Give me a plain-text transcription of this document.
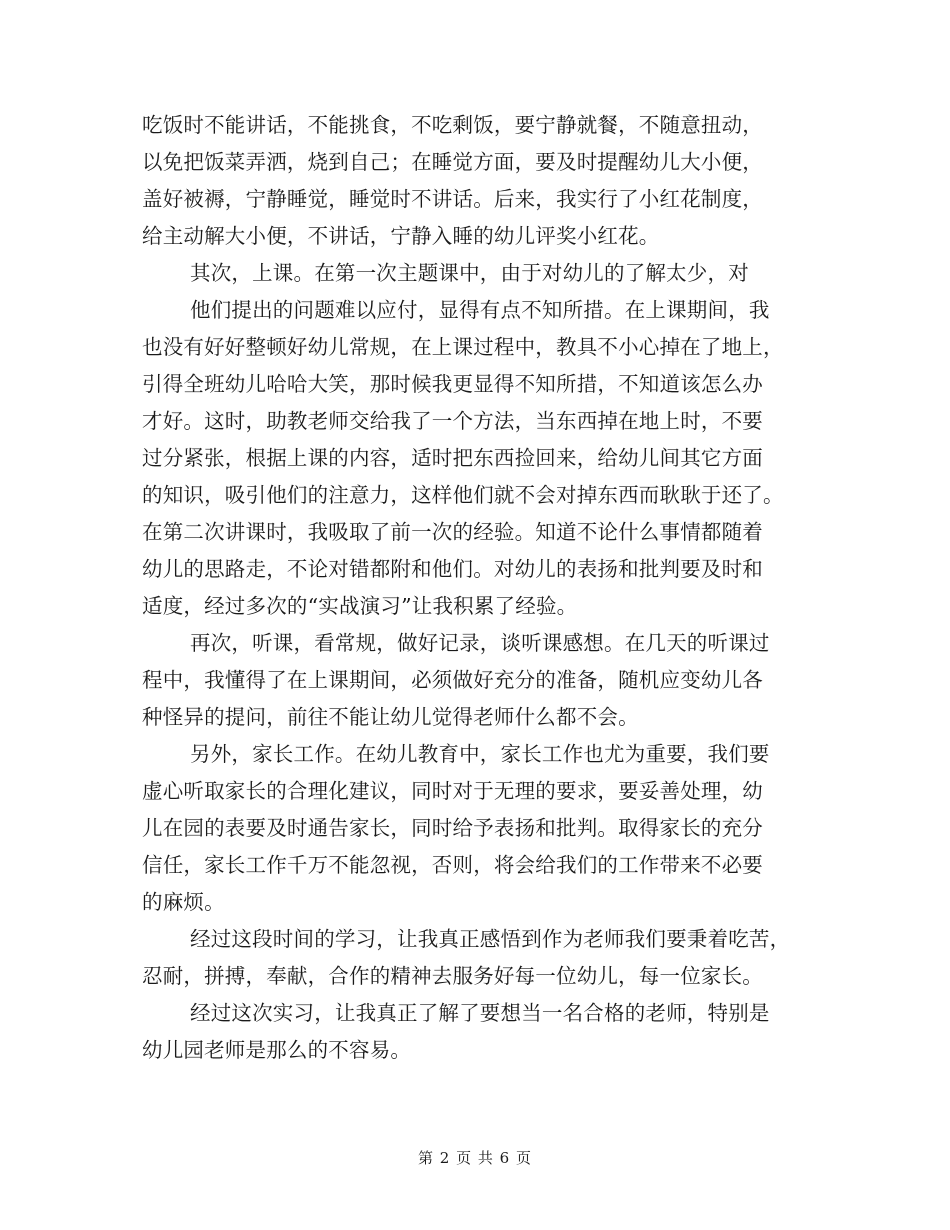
吃饭时不能讲话，不能挑食，不吃剩饭，要宁静就餐，不随意扭动，
以免把饭菜弄洒，烧到自己；在睡觉方面，要及时提醒幼儿大小便，
盖好被褥，宁静睡觉，睡觉时不讲话。后来，我实行了小红花制度，
给主动解大小便，不讲话，宁静入睡的幼儿评奖小红花。
其次，上课。在第一次主题课中，由于对幼儿的了解太少，对
他们提出的问题难以应付，显得有点不知所措。在上课期间，我
也没有好好整顿好幼儿常规，在上课过程中，教具不小心掉在了地上，
引得全班幼儿哈哈大笑，那时候我更显得不知所措，不知道该怎么办
才好。这时，助教老师交给我了一个方法，当东西掉在地上时，不要
过分紧张，根据上课的内容，适时把东西捡回来，给幼儿间其它方面
的知识，吸引他们的注意力，这样他们就不会对掉东西而耿耿于还了。
在第二次讲课时，我吸取了前一次的经验。知道不论什么事情都随着
幼儿的思路走，不论对错都附和他们。对幼儿的表扬和批判要及时和
适度，经过多次的“实战演习”让我积累了经验。
再次，听课，看常规，做好记录，谈听课感想。在几天的听课过
程中，我懂得了在上课期间，必须做好充分的准备，随机应变幼儿各
种怪异的提问，前往不能让幼儿觉得老师什么都不会。
另外，家长工作。在幼儿教育中，家长工作也尤为重要，我们要
虚心听取家长的合理化建议，同时对于无理的要求，要妥善处理，幼
儿在园的表要及时通告家长，同时给予表扬和批判。取得家长的充分
信任，家长工作千万不能忽视，否则，将会给我们的工作带来不必要
的麻烦。
经过这段时间的学习，让我真正感悟到作为老师我们要秉着吃苦，
忍耐，拼搏，奉献，合作的精神去服务好每一位幼儿，每一位家长。
经过这次实习，让我真正了解了要想当一名合格的老师，特别是
幼儿园老师是那么的不容易。
第 2 页 共 6 页
